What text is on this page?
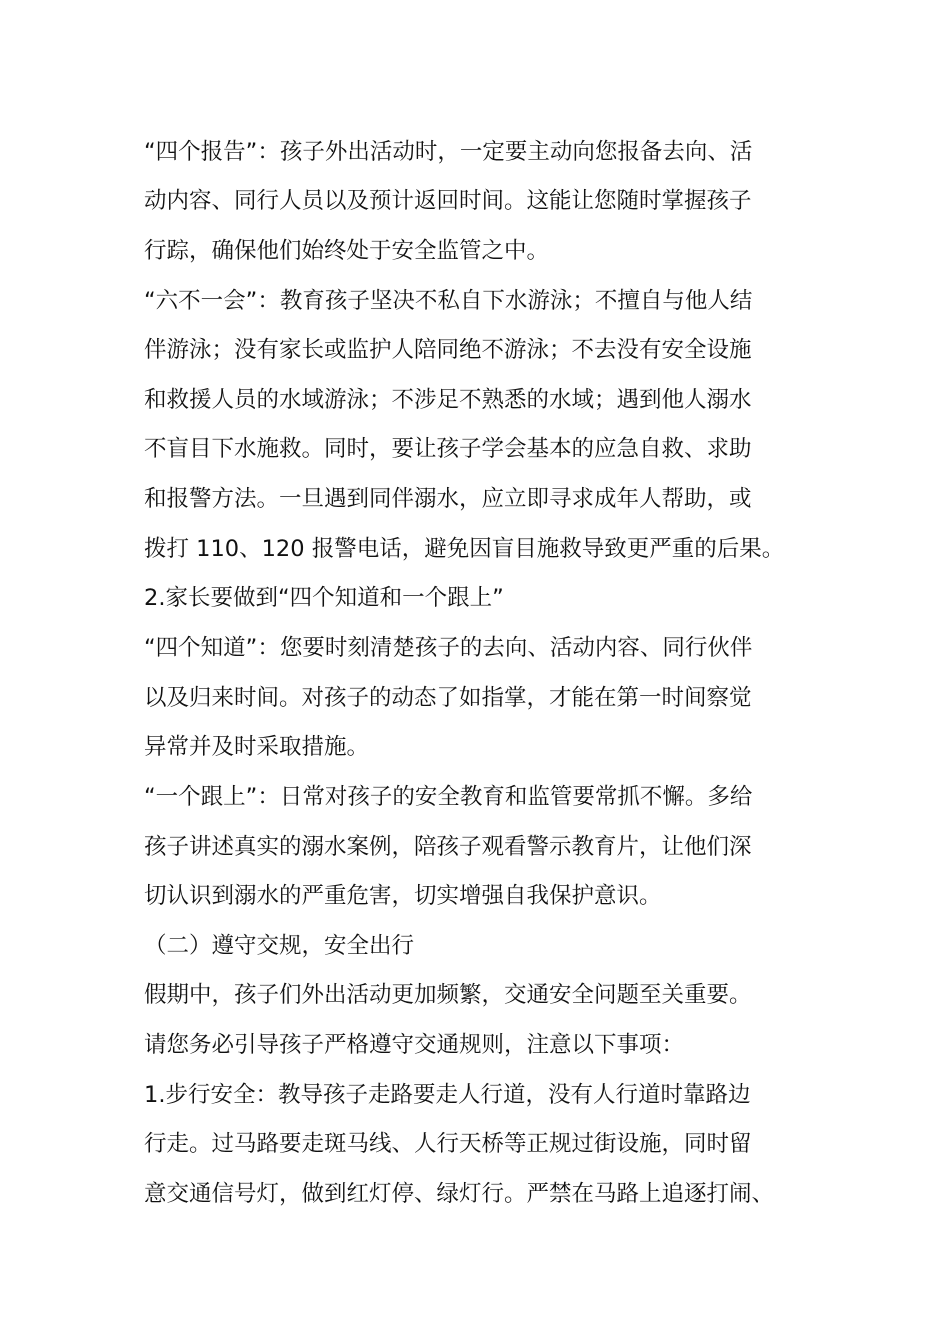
“四个报告”：孩子外出活动时，一定要主动向您报备去向、活
动内容、同行人员以及预计返回时间。这能让您随时掌握孩子
行踪，确保他们始终处于安全监管之中。
“六不一会”：教育孩子坚决不私自下水游泳；不擅自与他人结
伴游泳；没有家长或监护人陪同绝不游泳；不去没有安全设施
和救援人员的水域游泳；不涉足不熟悉的水域；遇到他人溺水
不盲目下水施救。同时，要让孩子学会基本的应急自救、求助
和报警方法。一旦遇到同伴溺水，应立即寻求成年人帮助，或
拨打 110、120 报警电话，避免因盲目施救导致更严重的后果。
2.家长要做到“四个知道和一个跟上”
“四个知道”：您要时刻清楚孩子的去向、活动内容、同行伙伴
以及归来时间。对孩子的动态了如指掌，才能在第一时间察觉
异常并及时采取措施。
“一个跟上”：日常对孩子的安全教育和监管要常抓不懈。多给
孩子讲述真实的溺水案例，陪孩子观看警示教育片，让他们深
切认识到溺水的严重危害，切实增强自我保护意识。
（二）遵守交规，安全出行
假期中，孩子们外出活动更加频繁，交通安全问题至关重要。
请您务必引导孩子严格遵守交通规则，注意以下事项：
1.步行安全：教导孩子走路要走人行道，没有人行道时靠路边
行走。过马路要走斑马线、人行天桥等正规过街设施，同时留
意交通信号灯，做到红灯停、绿灯行。严禁在马路上追逐打闹、
